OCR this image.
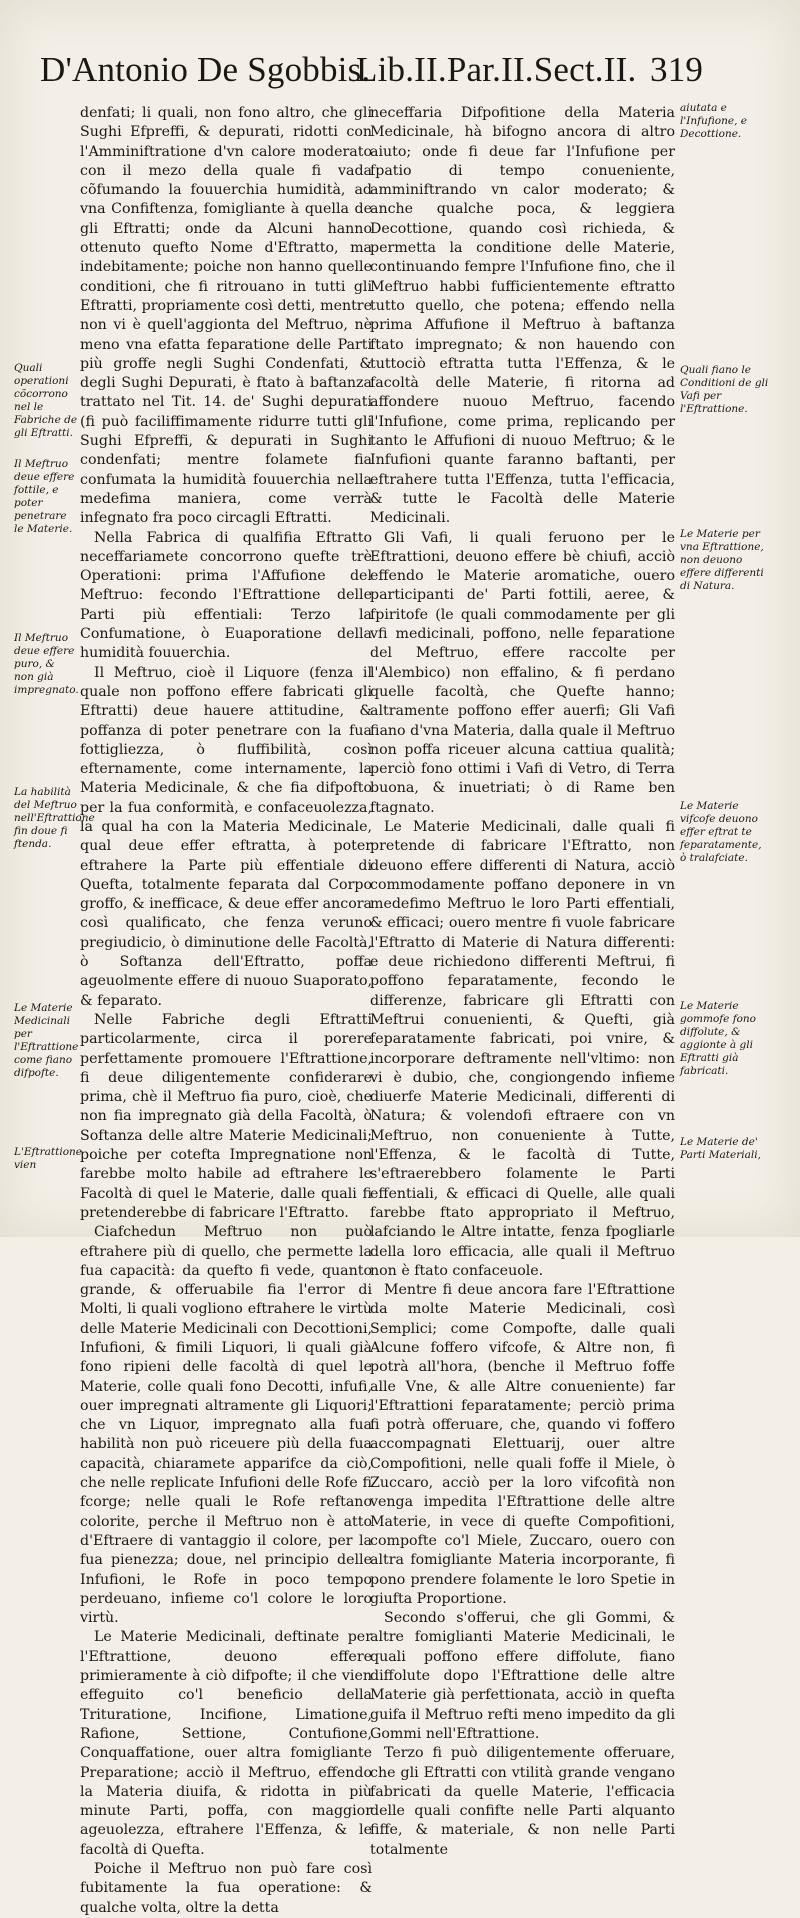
D'Antonio De Sgobbis.
Lib.II.Par.II.Sect.II. 319
Quali operationi cõcorrono nel le Fabriche de gli Eftratti.
Il Meftruo deue effere fottile, e poter penetrare le Materie.
Il Meftruo deue effere puro, & non già impregnato.
La habilità del Meftruo nell'Eftrattione fin doue fi ftenda.
Le Materie Medicinali per l'Eftrattione come fiano difpofte.
L'Eftrattione vien

denfati; li quali, non fono altro, che gli Sughi Efpreffi, & depurati, ridotti con l'Amminiftratione d'vn calore moderato con il mezo della quale fi vada cõfumando la fouuerchia humidità, ad vna Confiftenza, fomigliante à quella de gli Eftratti; onde da Alcuni hanno ottenuto quefto Nome d'Eftratto, ma indebitamente; poiche non hanno quelle conditioni, che fi ritrouano in tutti gli Eftratti, propriamente così detti, mentre non vi è quell'aggionta del Meftruo, nè meno vna efatta feparatione delle Parti più groffe negli Sughi Condenfati, & degli Sughi Depurati, è ftato à baftanza trattato nel Tit. 14. de' Sughi depurati (fi può faciliffimamente ridurre tutti gli Sughi Efpreffi, & depurati in Sughi condenfati; mentre folamete fia confumata la humidità fouuerchia nella medefima maniera, come verrà infegnato fra poco circagli Eftratti.

Nella Fabrica di qualfifia Eftratto neceffariamete concorrono quefte trè Operationi: prima l'Affufione del Meftruo: fecondo l'Eftrattione delle Parti più effentiali: Terzo la Confumatione, ò Euaporatione della humidità fouuerchia.

Il Meftruo, cioè il Liquore (fenza il quale non poffono effere fabricati gli Eftratti) deue hauere attitudine, & poffanza di poter penetrare con la fua fottigliezza, ò fluffibilità, così efternamente, come internamente, la Materia Medicinale, & che fia difpofto per la fua conformità, e confaceuolezza, la qual ha con la Materia Medicinale, qual deue effer eftratta, à poter eftrahere la Parte più effentiale di Quefta, totalmente feparata dal Corpo groffo, & inefficace, & deue effer ancora così qualificato, che fenza veruno pregiudicio, ò diminutione delle Facoltà, ò Softanza dell'Eftratto, poffa ageuolmente effere di nuouo Suaporato, & feparato.

Nelle Fabriche degli Eftratti particolarmente, circa il porere perfettamente promouere l'Eftrattione, fi deue diligentemente confiderare prima, chè il Meftruo fia puro, cioè, che non fia impregnato già della Facoltà, ò Softanza delle altre Materie Medicinali; poiche per cotefta Impregnatione non farebbe molto habile ad eftrahere le Facoltà di quel le Materie, dalle quali fi pretenderebbe di fabricare l'Eftratto.

Ciafchedun Meftruo non può eftrahere più di quello, che permette la fua capacità: da quefto fi vede, quanto grande, & offeruabile fia l'error di Molti, li quali vogliono eftrahere le virtù delle Materie Medicinali con Decottioni, Infufioni, & fimili Liquori, li quali già fono ripieni delle facoltà di quel le Materie, colle quali fono Decotti, infufi, ouer impregnati altramente gli Liquori; che vn Liquor, impregnato alla fua habilità non può riceuere più della fua capacità, chiaramete apparifce da ciò, che nelle replicate Infufioni delle Rofe fi fcorge; nelle quali le Rofe reftano colorite, perche il Meftruo non è atto d'Eftraere di vantaggio il colore, per la fua pienezza; doue, nel principio delle Infufioni, le Rofe in poco tempo perdeuano, infieme co'l colore le loro virtù.

Le Materie Medicinali, deftinate per l'Eftrattione, deuono effere primieramente à ciò difpofte; il che vien effeguito co'l beneficio della Trituratione, Incifione, Limatione, Rafione, Settione, Contufione, Conquaffatione, ouer altra fomigliante Preparatione; acciò il Meftruo, effendo la Materia diuifa, & ridotta in più minute Parti, poffa, con maggior ageuolezza, eftrahere l'Effenza, & le facoltà di Quefta.

Poiche il Meftruo non può fare così fubitamente la fua operatione: & qualche volta, oltre la detta

neceffaria Difpofitione della Materia Medicinale, hà bifogno ancora di altro aiuto; onde fi deue far l'Infufione per fpatio di tempo conueniente, amminiftrando vn calor moderato; & anche qualche poca, & leggiera Decottione, quando così richieda, & permetta la conditione delle Materie, continuando fempre l'Infufione fino, che il Meftruo habbi fufficientemente eftratto tutto quello, che potena; effendo nella prima Affufione il Meftruo à baftanza ftato impregnato; & non hauendo con tuttociò eftratta tutta l'Effenza, & le facoltà delle Materie, fi ritorna ad affondere nuouo Meftruo, facendo l'Infufione, come prima, replicando per tanto le Affufioni di nuouo Meftruo; & le Infufioni quante faranno baftanti, per eftrahere tutta l'Effenza, tutta l'efficacia, & tutte le Facoltà delle Materie Medicinali.

Gli Vafi, li quali feruono per le Eftrattioni, deuono effere bè chiufi, acciò effendo le Materie aromatiche, ouero participanti de' Parti fottili, aeree, & fpiritofe (le quali commodamente per gli vfi medicinali, poffono, nelle feparatione del Meftruo, effere raccolte per l'Alembico) non effalino, & fi perdano quelle facoltà, che Quefte hanno; altramente poffono effer auerfi; Gli Vafi fiano d'vna Materia, dalla quale il Meftruo non poffa riceuer alcuna cattiua qualità; perciò fono ottimi i Vafi di Vetro, di Terra buona, & inuetriati; ò di Rame ben ftagnato.

Le Materie Medicinali, dalle quali fi pretende di fabricare l'Eftratto, non deuono effere differenti di Natura, acciò commodamente poffano deponere in vn medefimo Meftruo le loro Parti effentiali, & efficaci; ouero mentre fi vuole fabricare l'Eftratto di Materie di Natura differenti: e deue richiedono differenti Meftrui, fi poffono feparatamente, fecondo le differenze, fabricare gli Eftratti con Meftrui conuenienti, & Quefti, già feparatamente fabricati, poi vnire, & incorporare deftramente nell'vltimo: non vi è dubio, che, congiongendo infieme diuerfe Materie Medicinali, differenti di Natura; & volendofi eftraere con vn Meftruo, non conueniente à Tutte, l'Effenza, & le facoltà di Tutte, s'eftraerebbero folamente le Parti effentiali, & efficaci di Quelle, alle quali farebbe ftato appropriato il Meftruo, lafciando le Altre intatte, fenza fpogliarle della loro efficacia, alle quali il Meftruo non è ftato confaceuole.

Mentre fi deue ancora fare l'Eftrattione da molte Materie Medicinali, così Semplici; come Compofte, dalle quali Alcune foffero vifcofe, & Altre non, fi potrà all'hora, (benche il Meftruo foffe alle Vne, & alle Altre conueniente) far l'Eftrattioni feparatamente; perciò prima fi potrà offeruare, che, quando vi foffero accompagnati Elettuarij, ouer altre Compofitioni, nelle quali foffe il Miele, ò Zuccaro, acciò per la loro vifcofità non venga impedita l'Eftrattione delle altre Materie, in vece di quefte Compofitioni, compofte co'l Miele, Zuccaro, ouero con altra fomigliante Materia incorporante, fi pono prendere folamente le loro Spetie in giufta Proportione.

Secondo s'offerui, che gli Gommi, & altre fomiglianti Materie Medicinali, le quali poffono effere diffolute, fiano diffolute dopo l'Eftrattione delle altre Materie già perfettionata, acciò in quefta guifa il Meftruo refti meno impedito da gli Gommi nell'Eftrattione.

Terzo fi può diligentemente offeruare, che gli Eftratti con vtilità grande vengano fabricati da quelle Materie, l'efficacia delle quali confifte nelle Parti alquanto fiffe, & materiale, & non nelle Parti totalmente

aiutata e l'Infufione, e Decottione.
Quali fiano le Conditioni de gli Vafi per l'Eftrattione.
Le Materie per vna Eftrattione, non deuono effere differenti di Natura.
Le Materie vifcofe deuono effer eftrat te feparatamente, ò tralafciate.
Le Materie gommofe fono diffolute, & aggionte à gli Eftratti già fabricati.
Le Materie de' Parti Materiali,
